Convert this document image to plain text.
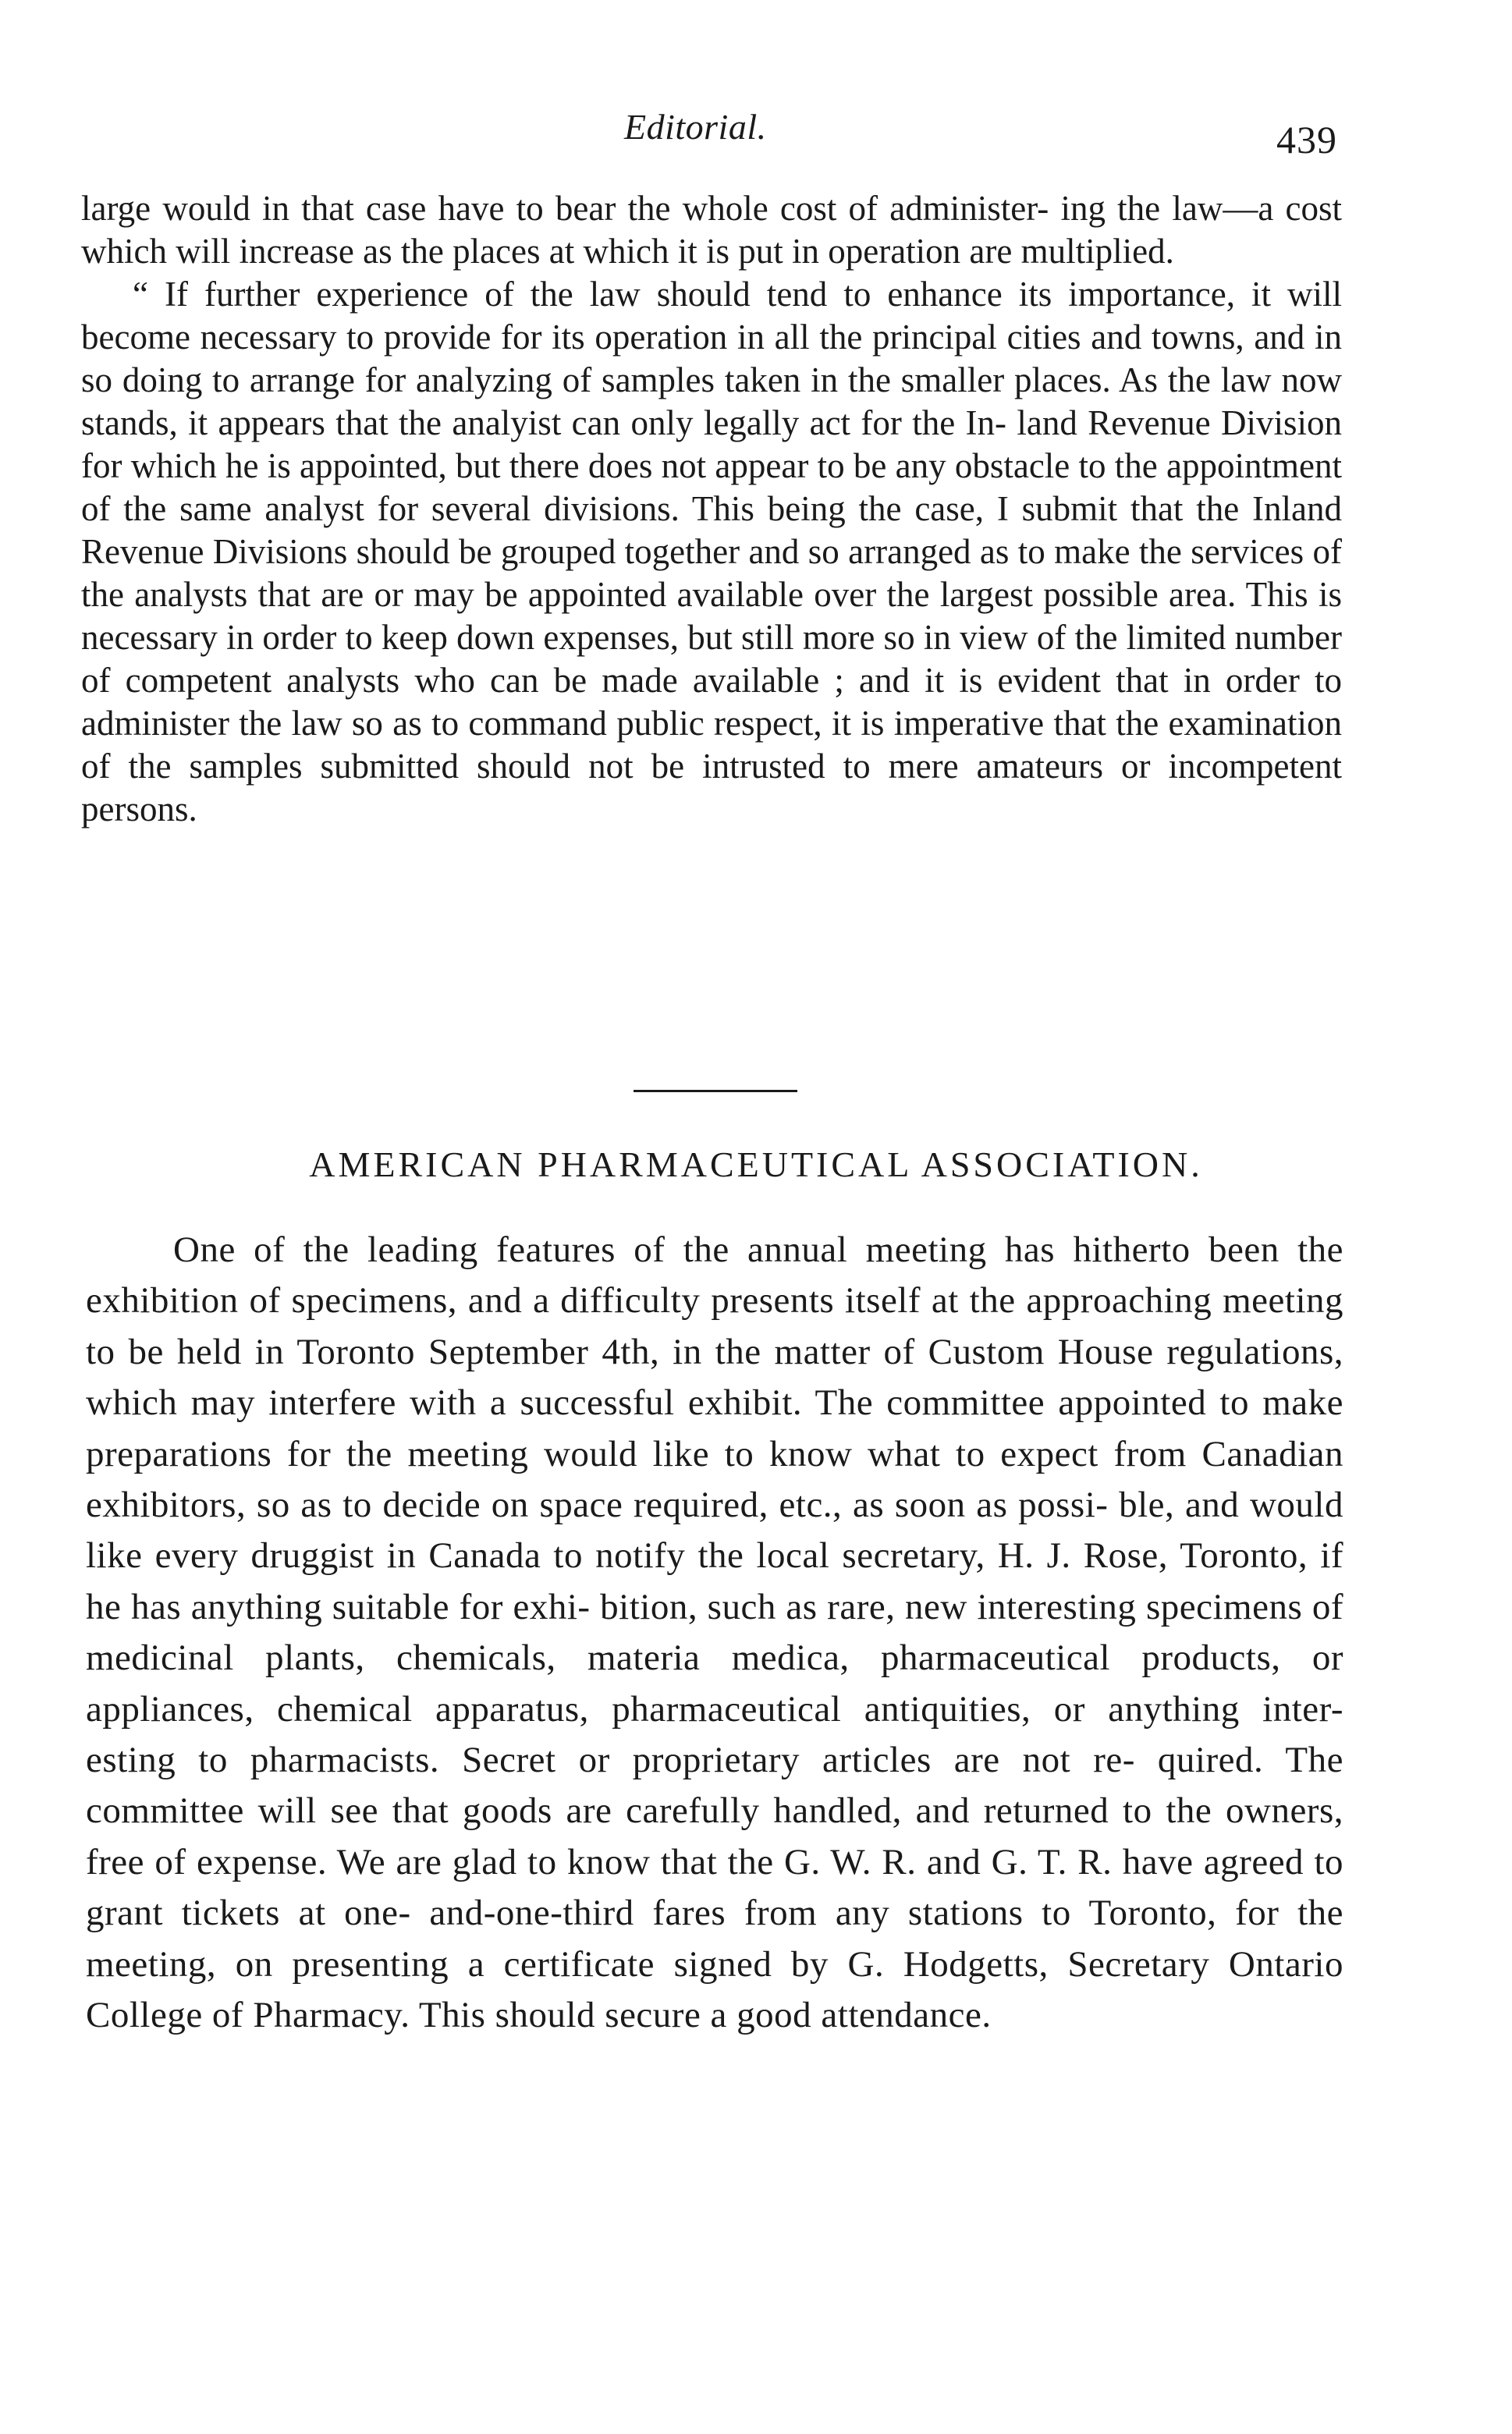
Editorial.	439

large would in that case have to bear the whole cost of administer- ing the law—a cost which will increase as the places at which it is put in operation are multiplied.

“ If further experience of the law should tend to enhance its importance, it will become necessary to provide for its operation in all the principal cities and towns, and in so doing to arrange for analyzing of samples taken in the smaller places. As the law now stands, it appears that the analyist can only legally act for the In- land Revenue Division for which he is appointed, but there does not appear to be any obstacle to the appointment of the same analyst for several divisions. This being the case, I submit that the Inland Revenue Divisions should be grouped together and so arranged as to make the services of the analysts that are or may be appointed available over the largest possible area. This is necessary in order to keep down expenses, but still more so in view of the limited number of competent analysts who can be made available ; and it is evident that in order to administer the law so as to command public respect, it is imperative that the examination of the samples submitted should not be intrusted to mere amateurs or incompetent persons.

AMERICAN PHARMACEUTICAL ASSOCIATION.

One of the leading features of the annual meeting has hitherto been the exhibition of specimens, and a difficulty presents itself at the approaching meeting to be held in Toronto September 4th, in the matter of Custom House regulations, which may interfere with a successful exhibit. The committee appointed to make preparations for the meeting would like to know what to expect from Canadian exhibitors, so as to decide on space required, etc., as soon as possi- ble, and would like every druggist in Canada to notify the local secretary, H. J. Rose, Toronto, if he has anything suitable for exhi- bition, such as rare, new interesting specimens of medicinal plants, chemicals, materia medica, pharmaceutical products, or appliances, chemical apparatus, pharmaceutical antiquities, or anything inter- esting to pharmacists. Secret or proprietary articles are not re- quired. The committee will see that goods are carefully handled, and returned to the owners, free of expense. We are glad to know that the G. W. R. and G. T. R. have agreed to grant tickets at one- and-one-third fares from any stations to Toronto, for the meeting, on presenting a certificate signed by G. Hodgetts, Secretary Ontario College of Pharmacy. This should secure a good attendance.
